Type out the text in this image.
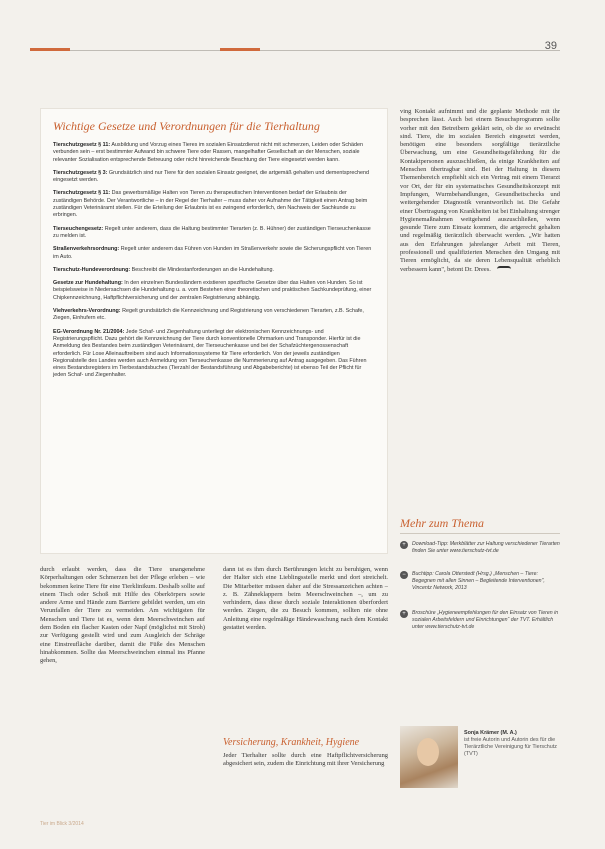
39
Wichtige Gesetze und Verordnungen für die Tierhaltung

Tierschutzgesetz § 11: Ausbildung und Vorzug eines Tieres im sozialen Einsatzdienst nicht mit schmerzen, Leiden oder Schäden verbunden sein – erst bestimmter Aufwand bin schwere Tiere oder Rassen, mangelhafter Gesellschaft an der Menschen, soziale relevanter Sozialisation entsprechende Betreuung oder nicht hinreichende Beachtung der Tiere eingesetzt werden kann.

Tierschutzgesetz § 3: Grundsätzlich sind nur Tiere für den sozialen Einsatz geeignet, die artgemäß gehalten und dementsprechend eingesetzt werden.

Tierschutzgesetz § 11: Das gewerbsmäßige Halten von Tieren zu therapeutischen Interventionen bedarf der Erlaubnis der zuständigen Behörde. Der Verantwortliche – in der Regel der Tierhalter – muss daher vor Aufnahme der Tätigkeit einen Antrag beim zuständigen Veterinäramt stellen. Für die Erteilung der Erlaubnis ist es zwingend erforderlich, den Nachweis der Sachkunde zu erbringen.

Tierseuchengesetz: Regelt unter anderem, dass die Haltung bestimmter Tierarten (z. B. Hühner) der zuständigen Tierseuchenkasse zu melden ist.

Straßenverkehrsordnung: Regelt unter anderem das Führen von Hunden im Straßenverkehr sowie die Sicherungspflicht von Tieren im Auto.

Tierschutz-Hundeverordnung: Beschreibt die Mindestanforderungen an die Hundehaltung.

Gesetze zur Hundehaltung: In den einzelnen Bundesländern existieren spezifische Gesetze über das Halten von Hunden. So ist beispielsweise in Niedersachsen die Hundehaltung u. a. vom Bestehen einer theoretischen und praktischen Sachkundeprüfung, einer Chipkennzeichnung, Haftpflichtversicherung und der zentralen Registrierung abhängig.

Viehverkehrs-Verordnung: Regelt grundsätzlich die Kennzeichnung und Registrierung von verschiedenen Tierarten, z.B. Schafe, Ziegen, Einhufern etc.

EG-Verordnung Nr. 21/2004: Jede Schaf- und Ziegenhaltung unterliegt der elektronischen Kennzeichnungs- und Registrierungspflicht. Dazu gehört die Kennzeichnung der Tiere durch konventionelle Ohrmarken und Transponder. Hierfür ist die Anmeldung des Bestandes beim zuständigen Veterinäramt, der Tierseuchenkasse und bei der Schafzüchtergenossenschaft erforderlich. Für Lose Alleinauftreibern sind auch Informationssysteme für Tiere erforderlich. Von der jeweils zuständigen Regionalstelle des Landes werden auch Anmeldung von Tierseuchenkasse die Nummerierung auf Antrag ausgegeben. Das Führen eines Bestandsregisters im Tierbestandsbuches (Tierzahl der Bestandsführung und Abgabeberichte) ist ebenso Teil der Pflicht für jeden Schaf- und Ziegenhalter.

ving Kontakt aufnimmt und die geplante Methode mit ihr besprechen lässt. Auch bei einem Besuchsprogramm sollte vorher mit den Betreibern geklärt sein, ob die so erwünscht sind. Tiere, die im sozialen Bereich eingesetzt werden, benötigen eine besonders sorgfältige tierärztliche Überwachung, um eine Gesundheitsgefährdung für die Kontaktpersonen auszuschließen, da einige Krankheiten auf Menschen übertragbar sind. Bei der Haltung in diesem Themenbereich empfiehlt sich ein Vertrag mit einem Tierarzt vor Ort, der für ein systematisches Gesundheitskonzept mit Impfungen, Wurmbehandlungen, Gesundheitschecks und weitergehender Diagnostik verantwortlich ist. Die Gefahr einer Übertragung von Krankheiten ist bei Einhaltung strenger Hygienemaßnahmen weitgehend auszuschließen, wenn gesunde Tiere zum Einsatz kommen, die artgerecht gehalten und regelmäßig tierärztlich überwacht werden. „Wir hatten aus den Erfahrungen jahrelanger Arbeit mit Tieren, professionell und qualifizierten Menschen den Umgang mit Tieren ermöglicht, da sie deren Lebensqualität erheblich verbessern kann", betont Dr. Drees.

durch erlaubt werden, dass die Tiere unangenehme Körperhaltungen oder Schmerzen bei der Pflege erleben – wie bekommen keine Tiere für eine Tierklinikum. Deshalb sollte auf einem Tisch oder Schoß mit Hilfe des Oberkörpers sowie andere Arme und Hände zum Barriere gebildet werden, um ein Verunfallen der Tiere zu vermeiden. Am wichtigsten für Menschen und Tiere ist es, wenn dem Meerschweinchen auf dem Boden ein flacher Kasten oder Napf (möglichst mit Stroh) zur Verfügung gestellt wird und zum Ausgleich der Schräge eine Einstreufläche darüber, damit die Füße des Menschen hinabkommen. Sollte das Meerschweinchen einmal ins Pfanne gehen,

dann ist es ihm durch Berührungen leicht zu beruhigen, wenn der Halter sich eine Lieblingsstelle merkt und dort streichelt. Die Mitarbeiter müssen daher auf die Stressanzeichen achten – z. B. Zähneklappern beim Meerschweinchen –, um zu verhindern, dass diese durch soziale Interaktionen überfordert werden. Ziegen, die zu Besuch kommen, sollten nie ohne Anleitung eine regelmäßige Händewaschung nach dem Kontakt gestattet werden.

Versicherung, Krankheit, Hygiene

Jeder Tierhalter sollte durch eine Haftpflichtversicherung abgesichert sein, zudem die Einrichtung mit ihrer Versicherung

Mehr zum Thema
+	Download-Tipp: Merkblätter zur Haltung verschiedener Tierarten finden Sie unter www.tierschutz-tvt.de
−	Buchtipp: Carola Otterstedt (Hrsg.) „Menschen – Tiere: Begegnen mit allen Sinnen – Begleitende Interventionen", Vincentz Network, 2013
+	Broschüre „Hygieneempfehlungen für den Einsatz von Tieren in sozialen Arbeitsfeldern und Einrichtungen“ der TVT. Erhältlich unter www.tierschutz-tvt.de
Sonja Krämer (M. A.)
ist freie Autorin und Autorin des für die Tierärztliche Vereinigung für Tierschutz (TVT)
Tier im Blick 3/2014
